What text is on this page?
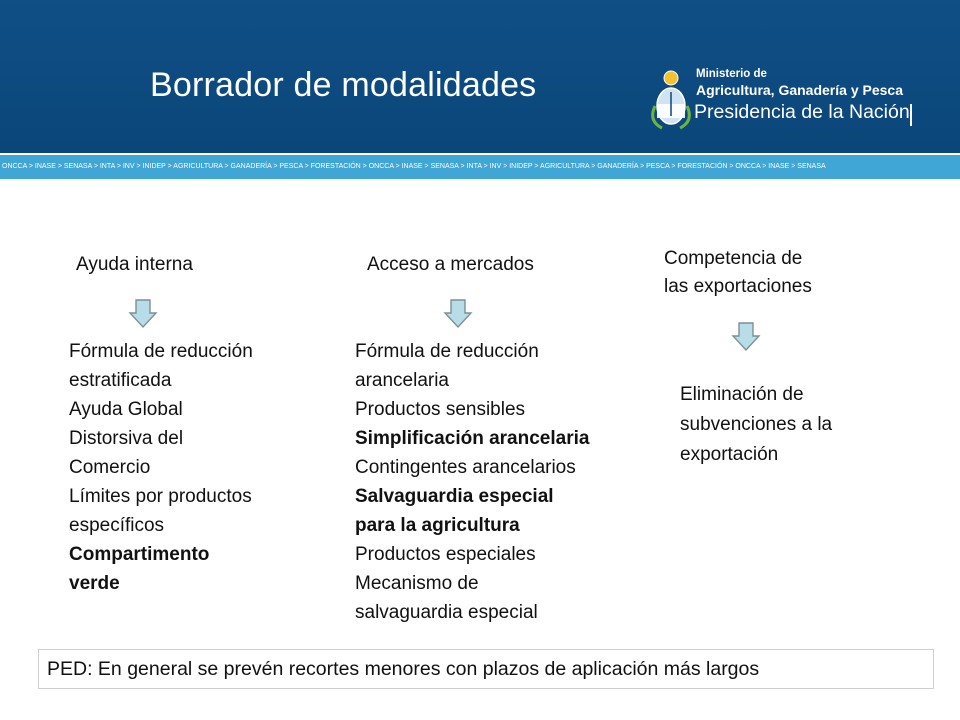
Borrador de modalidades	Ministerio de
Agricultura, Ganadería y Pesca
Presidencia de la Nación
ONCCA > INASE > SENASA > INTA > INV > INIDEP > AGRICULTURA > GANADERÍA > PESCA > FORESTACIÓN > ONCCA > INASE > SENASA > INTA > INV > INIDEP > AGRICULTURA > GANADERÍA > PESCA > FORESTACIÓN > ONCCA > INASE > SENASA
Ayuda interna
Fórmula de reducción
estratificada
Ayuda Global
Distorsiva del
Comercio
Límites por productos
específicos
Compartimento
verde
Acceso a mercados
Fórmula de reducción
arancelaria
Productos sensibles
Simplificación arancelaria
Contingentes arancelarios
Salvaguardia especial
para la agricultura
Productos especiales
Mecanismo de
salvaguardia especial
Competencia de
las exportaciones
Eliminación de
subvenciones a la
exportación
PED: En general se prevén recortes menores con plazos de aplicación más largos
